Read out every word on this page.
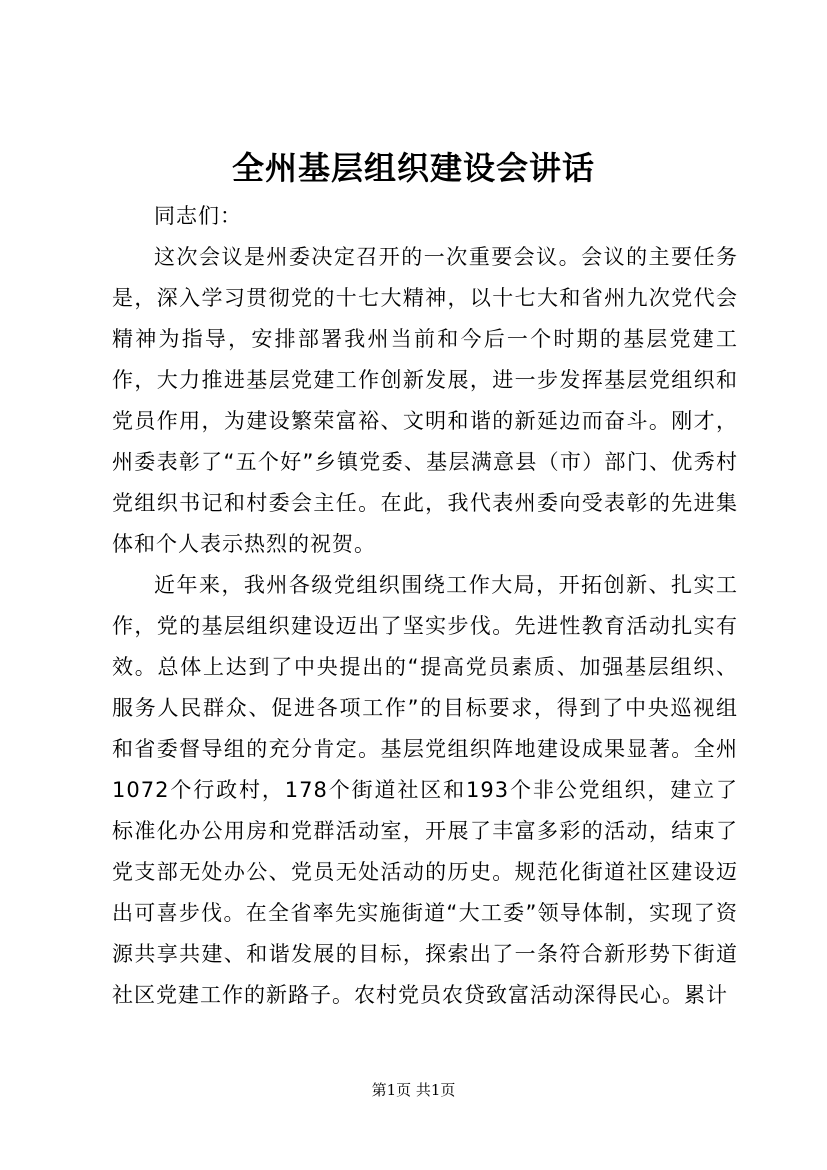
全州基层组织建设会讲话

同志们：

这次会议是州委决定召开的一次重要会议。会议的主要任务是，深入学习贯彻党的十七大精神，以十七大和省州九次党代会精神为指导，安排部署我州当前和今后一个时期的基层党建工作，大力推进基层党建工作创新发展，进一步发挥基层党组织和党员作用，为建设繁荣富裕、文明和谐的新延边而奋斗。刚才，州委表彰了“五个好”乡镇党委、基层满意县（市）部门、优秀村党组织书记和村委会主任。在此，我代表州委向受表彰的先进集体和个人表示热烈的祝贺。

近年来，我州各级党组织围绕工作大局，开拓创新、扎实工作，党的基层组织建设迈出了坚实步伐。先进性教育活动扎实有效。总体上达到了中央提出的“提高党员素质、加强基层组织、服务人民群众、促进各项工作”的目标要求，得到了中央巡视组和省委督导组的充分肯定。基层党组织阵地建设成果显著。全州1072个行政村，178个街道社区和193个非公党组织，建立了标准化办公用房和党群活动室，开展了丰富多彩的活动，结束了党支部无处办公、党员无处活动的历史。规范化街道社区建设迈出可喜步伐。在全省率先实施街道“大工委”领导体制，实现了资源共享共建、和谐发展的目标，探索出了一条符合新形势下街道社区党建工作的新路子。农村党员农贷致富活动深得民心。累计

第1页 共1页
